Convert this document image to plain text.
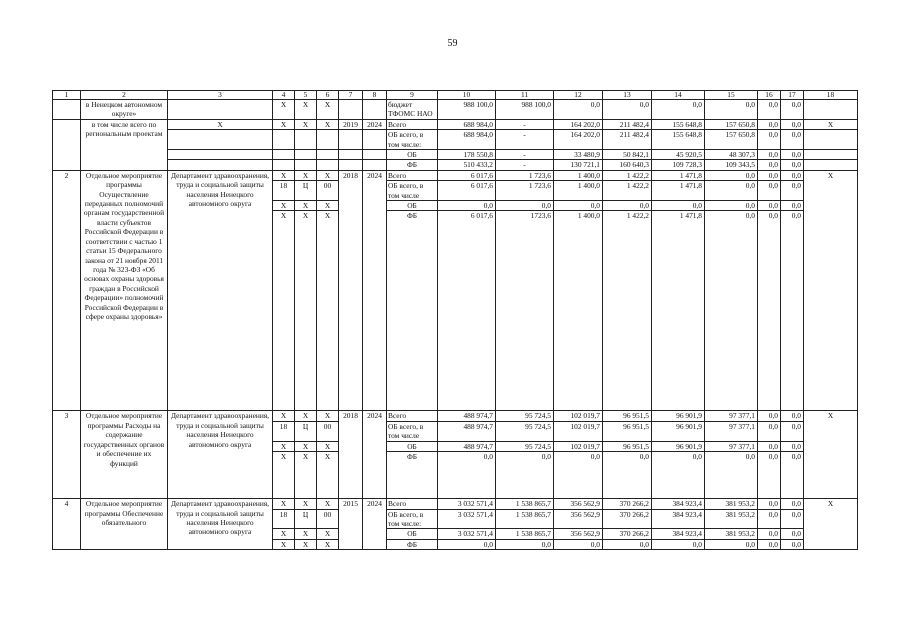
59
1	2	3	4	5	6	7	8	9	10	11	12	13	14	15	16	17	18
	в Ненецком автономном округе»		Х	Х	Х			бюджет ТФОМС НАО	988 100,0	988 100,0	0,0	0,0	0,0	0,0	0,0	0,0	
	в том числе всего по региональным проектам	Х	Х	Х	Х	2019	2024	Всего	688 984,0	-	164 202,0	211 482,4	155 648,8	157 650,8	0,0	0,0	Х
								ОБ всего, в том числе:	688 984,0	-	164 202,0	211 482,4	155 648,8	157 650,8	0,0	0,0	
								ОБ	178 550,8	-	33 480,9	50 842,1	45 920,5	48 307,3	0,0	0,0	
								ФБ	510 433,2	-	130 721,1	160 640,3	109 728,3	109 343,5	0,0	0,0	
2	Отдельное мероприятие программы Осуществление переданных полномочий органам государственной власти субъектов Российской Федерации в соответствии с частью 1 статьи 15 Федерального закона от 21 ноября 2011 года № 323-ФЗ «Об основах охраны здоровья граждан в Российской Федерации» полномочий Российской Федерации в сфере охраны здоровья»	Департамент здравоохранения, труда и социальной защиты населения Ненецкого автономного округа	Х	Х	Х	2018	2024	Всего	6 017,6	1 723,6	1 400,0	1 422,2	1 471,8	0,0	0,0	0,0	Х
			18	Ц	00			ОБ всего, в том числе	6 017,6	1 723,6	1 400,0	1 422,2	1 471,8	0,0	0,0	0,0	
			Х	Х	Х			ОБ	0,0	0,0	0,0	0,0	0,0	0,0	0,0	0,0	
			Х	Х	Х			ФБ	6 017,6	1723,6	1 400,0	1 422,2	1 471,8	0,0	0,0	0,0	
3	Отдельное мероприятие программы Расходы на содержание государственных органов и обеспечение их функций	Департамент здравоохранения, труда и социальной защиты населения Ненецкого автономного округа	Х	Х	Х	2018	2024	Всего	488 974,7	95 724,5	102 019,7	96 951,5	96 901,9	97 377,1	0,0	0,0	Х
			18	Ц	00			ОБ всего, в том числе	488 974,7	95 724,5	102 019,7	96 951,5	96 901,9	97 377,1	0,0	0,0	
			Х	Х	Х			ОБ	488 974,7	95 724,5	102 019,7	96 951,5	96 901,9	97 377,1	0,0	0,0	
			Х	Х	Х			ФБ	0,0	0,0	0,0	0,0	0,0	0,0	0,0	0,0	
4	Отдельное мероприятие программы Обеспечение обязательного	Департамент здравоохранения, труда и социальной защиты населения Ненецкого автономного округа	Х	Х	Х	2015	2024	Всего	3 032 571,4	1 538 865,7	356 562,9	370 266,2	384 923,4	381 953,2	0,0	0,0	Х
			18	Ц	00			ОБ всего, в том числе:	3 032 571,4	1 538 865,7	356 562,9	370 266,2	384 923,4	381 953,2	0,0	0,0	
			Х	Х	Х			ОБ	3 032 571,4	1 538 865,7	356 562,9	370 266,2	384 923,4	381 953,2	0,0	0,0	
			Х	Х	Х			ФБ	0,0	0,0	0,0	0,0	0,0	0,0	0,0	0,0	
